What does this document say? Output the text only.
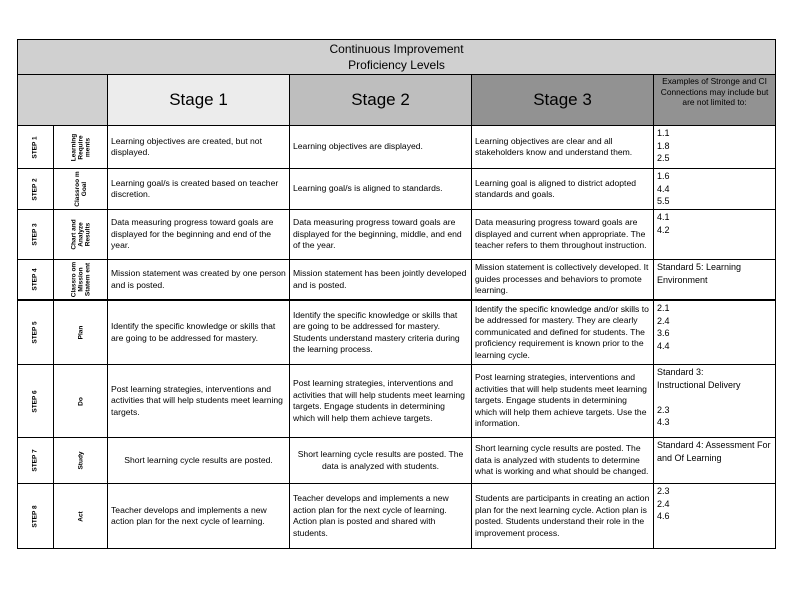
Continuous Improvement
Proficiency Levels					

		Stage 1	Stage 2	Stage 3	Examples of Stronge and CI Connections may include but are not limited to:
STEP 1	Learning Require ments	Learning objectives are created, but not displayed.	Learning objectives are displayed.	Learning objectives are clear and all stakeholders know and understand them.	1.1
1.8
2.5

STEP 2	Classroo m Goal	Learning goal/s is created based on teacher discretion.	Learning goal/s is aligned to standards.	Learning goal is aligned to district adopted standards and goals.	1.6
4.4
5.5

STEP 3	Chart and Analyze Results	Data measuring progress toward goals are displayed for the beginning and end of the year.	Data measuring progress toward goals are displayed for the beginning, middle, and end of the year.	Data measuring progress toward goals are displayed and current when appropriate. The teacher refers to them throughout instruction.	4.1
4.2

STEP 4	Classro om Mission Statem ent	Mission statement was created by one person and is posted.	Mission statement has been jointly developed and is posted.	Mission statement is collectively developed. It guides processes and behaviors to promote learning.	Standard 5: Learning Environment

STEP 5	Plan	Identify the specific knowledge or skills that are going to be addressed for mastery.	Identify the specific knowledge or skills that are going to be addressed for mastery. Students understand mastery criteria during the learning process.	Identify the specific knowledge and/or skills to be addressed for mastery. They are clearly communicated and defined for students. The proficiency requirement is known prior to the learning cycle.	2.1
2.4
3.6
4.4

STEP 6	Do	Post learning strategies, interventions and activities that will help students meet learning targets.	Post learning strategies, interventions and activities that will help students meet learning targets. Engage students in determining which will help them achieve targets.	Post learning strategies, interventions and activities that will help students meet learning targets. Engage students in determining which will help them achieve targets. Use the information.	Standard 3:
Instructional Delivery

2.3
4.3

STEP 7	Study	Short learning cycle results are posted.	Short learning cycle results are posted. The data is analyzed with students.	Short learning cycle results are posted. The data is analyzed with students to determine what is working and what should be changed.	Standard 4: Assessment For and Of Learning

STEP 8	Act	Teacher develops and implements a new action plan for the next cycle of learning.	Teacher develops and implements a new action plan for the next cycle of learning. Action plan is posted and shared with students.	Students are participants in creating an action plan for the next learning cycle. Action plan is posted. Students understand their role in the improvement process.	2.3
2.4
4.6
